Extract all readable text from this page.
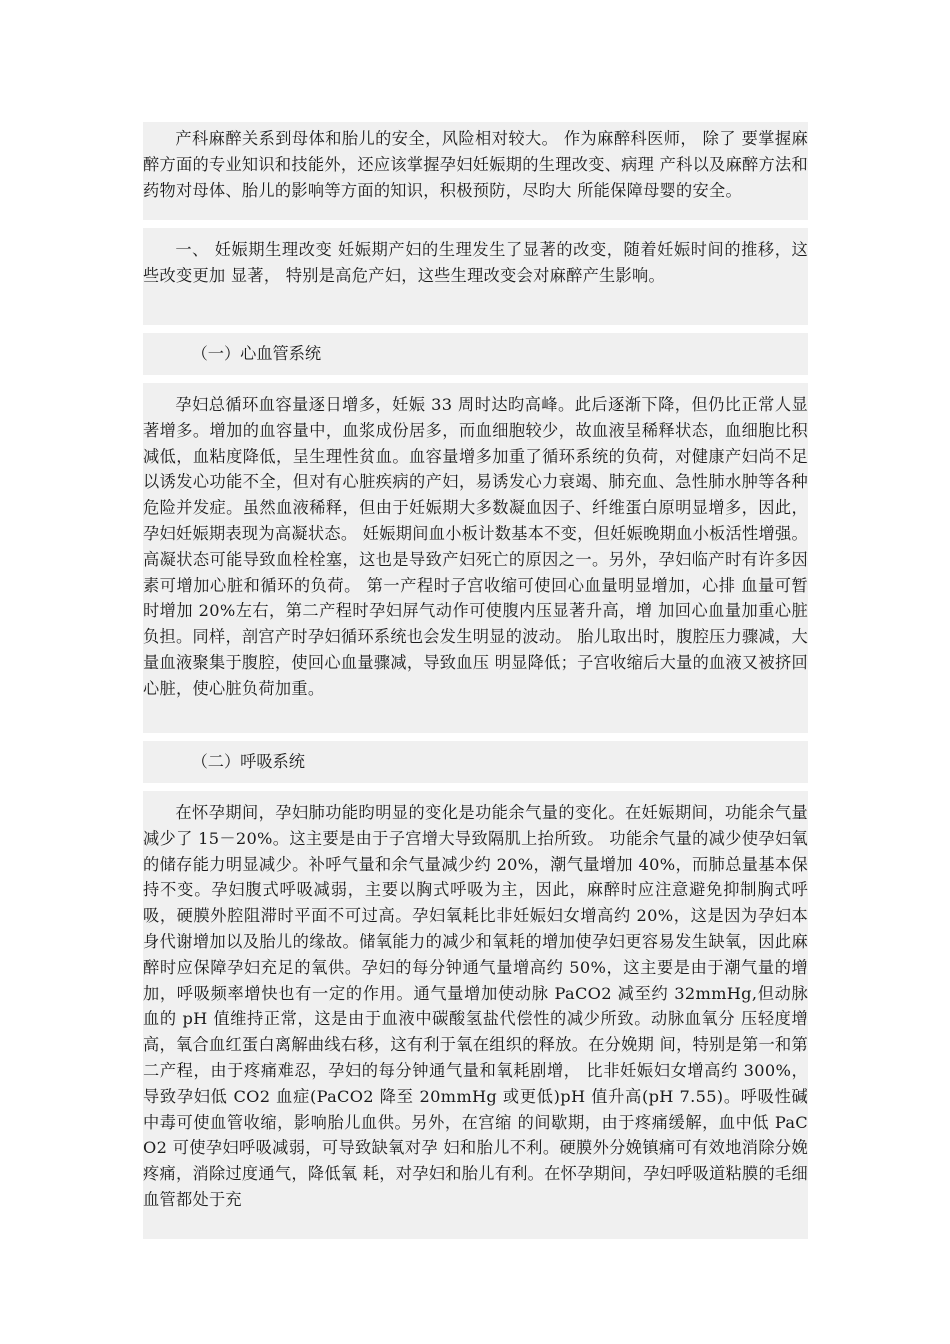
产科麻醉关系到母体和胎儿的安全，风险相对较大。 作为麻醉科医师， 除了 要掌握麻醉方面的专业知识和技能外，还应该掌握孕妇妊娠期的生理改变、病理 产科以及麻醉方法和药物对母体、胎儿的影响等方面的知识，积极预防，尽昀大 所能保障母婴的安全。

一、 妊娠期生理改变 妊娠期产妇的生理发生了显著的改变，随着妊娠时间的推移，这些改变更加 显著， 特别是高危产妇，这些生理改变会对麻醉产生影响。

（一）心血管系统

孕妇总循环血容量逐日增多，妊娠 33 周时达昀高峰。此后逐渐下降，但仍比正常人显著增多。增加的血容量中，血浆成份居多，而血细胞较少，故血液呈稀释状态，血细胞比积减低，血粘度降低，呈生理性贫血。血容量增多加重了循环系统的负荷，对健康产妇尚不足以诱发心功能不全，但对有心脏疾病的产妇，易诱发心力衰竭、肺充血、急性肺水肿等各种危险并发症。虽然血液稀释，但由于妊娠期大多数凝血因子、纤维蛋白原明显增多，因此，孕妇妊娠期表现为高凝状态。 妊娠期间血小板计数基本不变，但妊娠晚期血小板活性增强。高凝状态可能导致血栓栓塞，这也是导致产妇死亡的原因之一。另外，孕妇临产时有许多因素可增加心脏和循环的负荷。 第一产程时子宫收缩可使回心血量明显增加，心排 血量可暂时增加 20%左右，第二产程时孕妇屏气动作可使腹内压显著升高，增 加回心血量加重心脏负担。同样，剖宫产时孕妇循环系统也会发生明显的波动。 胎儿取出时，腹腔压力骤减，大量血液聚集于腹腔，使回心血量骤减，导致血压 明显降低；子宫收缩后大量的血液又被挤回心脏，使心脏负荷加重。

（二）呼吸系统

在怀孕期间，孕妇肺功能昀明显的变化是功能余气量的变化。在妊娠期间，功能余气量减少了 15－20%。这主要是由于子宫增大导致隔肌上抬所致。 功能余气量的减少使孕妇氧的储存能力明显减少。补呼气量和余气量减少约 20%，潮气量增加 40%，而肺总量基本保持不变。孕妇腹式呼吸减弱，主要以胸式呼吸为主，因此，麻醉时应注意避免抑制胸式呼吸，硬膜外腔阻滞时平面不可过高。孕妇氧耗比非妊娠妇女增高约 20%，这是因为孕妇本身代谢增加以及胎儿的缘故。储氧能力的减少和氧耗的增加使孕妇更容易发生缺氧，因此麻醉时应保障孕妇充足的氧供。孕妇的每分钟通气量增高约 50%，这主要是由于潮气量的增加，呼吸频率增快也有一定的作用。通气量增加使动脉 PaCO2 减至约 32mmHg,但动脉 血的 pH 值维持正常，这是由于血液中碳酸氢盐代偿性的减少所致。动脉血氧分 压轻度增高，氧合血红蛋白离解曲线右移，这有利于氧在组织的释放。在分娩期 间，特别是第一和第二产程，由于疼痛难忍，孕妇的每分钟通气量和氧耗剧增， 比非妊娠妇女增高约 300%，导致孕妇低 CO2 血症(PaCO2 降至 20mmHg 或更低)pH 值升高(pH 7.55)。呼吸性碱中毒可使血管收缩，影响胎儿血供。另外，在宫缩 的间歇期，由于疼痛缓解，血中低 PaCO2 可使孕妇呼吸减弱，可导致缺氧对孕 妇和胎儿不利。硬膜外分娩镇痛可有效地消除分娩疼痛，消除过度通气，降低氧 耗，对孕妇和胎儿有利。在怀孕期间，孕妇呼吸道粘膜的毛细血管都处于充
